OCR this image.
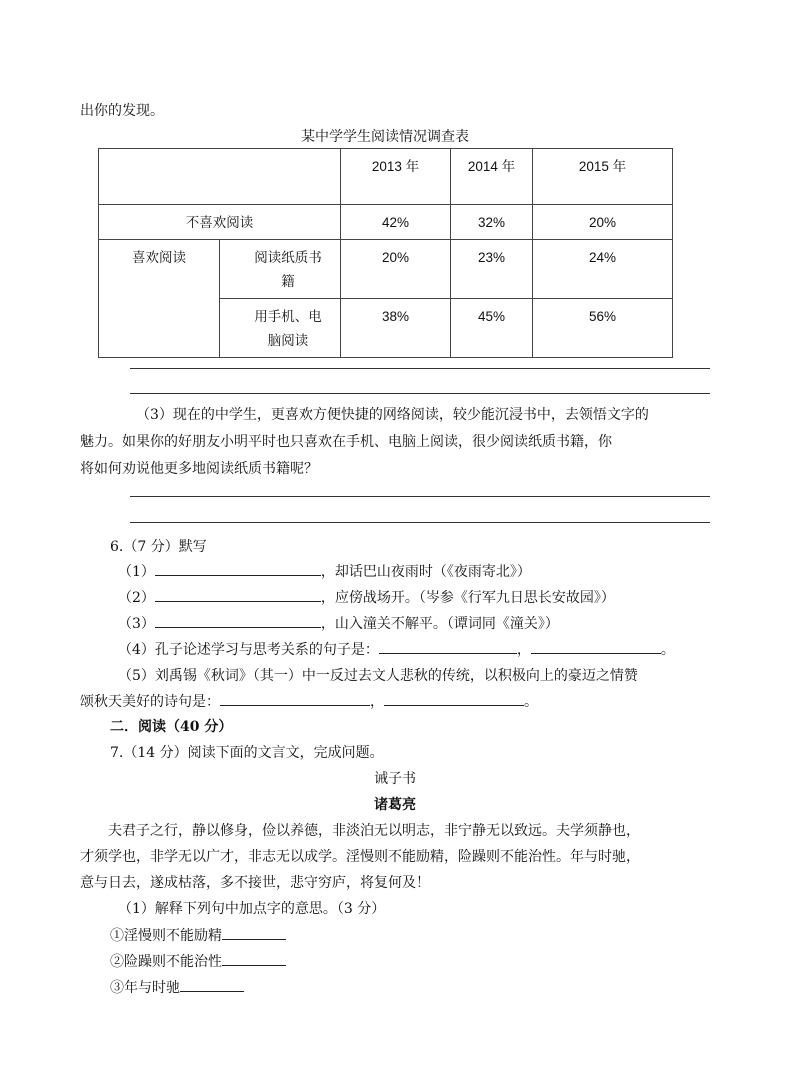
出你的发现。
某中学学生阅读情况调查表
		2013 年	2014 年	2015 年
不喜欢阅读		42%	32%	20%
喜欢阅读	阅读纸质书籍	20%	23%	24%
	用手机、电脑阅读	38%	45%	56%
（3）现在的中学生，更喜欢方便快捷的网络阅读，较少能沉浸书中，去领悟文字的
魅力。如果你的好朋友小明平时也只喜欢在手机、电脑上阅读，很少阅读纸质书籍，你
将如何劝说他更多地阅读纸质书籍呢？
6.（7 分）默写
（1）	，却话巴山夜雨时（《夜雨寄北》）
（2）	，应傍战场开。（岑参《行军九日思长安故园》）
（3）	，山入潼关不解平。（谭词同《潼关》）
（4）孔子论述学习与思考关系的句子是：	，	。
（5）刘禹锡《秋词》（其一）中一反过去文人悲秋的传统，以积极向上的豪迈之情赞
颂秋天美好的诗句是：	，	。
二．阅读（40 分）
7.（14 分）阅读下面的文言文，完成问题。
诫子书
诸葛亮
夫君子之行，静以修身，俭以养德，非淡泊无以明志，非宁静无以致远。夫学须静也，
才须学也，非学无以广才，非志无以成学。淫慢则不能励精，险躁则不能治性。年与时驰，
意与日去，遂成枯落，多不接世，悲守穷庐，将复何及！
（1）解释下列句中加点字的意思。（3 分）
①淫慢则不能励精
②险躁则不能治性
③年与时驰
